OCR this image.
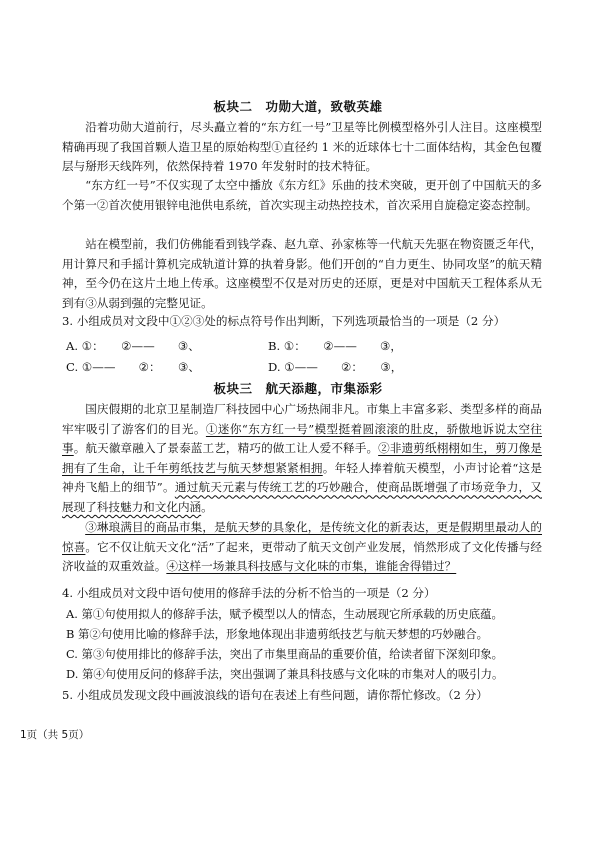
板块二　功勋大道，致敬英雄
沿着功勋大道前行，尽头矗立着的“东方红一号”卫星等比例模型格外引人注目。这座模型精确再现了我国首颗人造卫星的原始构型①直径约 1 米的近球体七十二面体结构，其金色包覆层与掰形天线阵列，依然保持着 1970 年发射时的技术特征。
“东方红一号”不仅实现了太空中播放《东方红》乐曲的技术突破，更开创了中国航天的多个第一②首次使用银锌电池供电系统，首次实现主动热控技术，首次采用自旋稳定姿态控制。
站在模型前，我们仿佛能看到钱学森、赵九章、孙家栋等一代航天先驱在物资匮乏年代，用计算尺和手摇计算机完成轨道计算的执着身影。他们开创的“自力更生、协同攻坚”的航天精神，至今仍在这片土地上传承。这座模型不仅是对历史的还原，更是对中国航天工程体系从无到有③从弱到强的完整见证。
3. 小组成员对文段中①②③处的标点符号作出判断，下列选项最恰当的一项是（2 分）
A. ①：　　②——　　③、	B. ①：　　②——　　③，
C. ①——　　②：　　③、	D. ①——　　②：　　③，
板块三　航天添趣，市集添彩
国庆假期的北京卫星制造厂科技园中心广场热闹非凡。市集上丰富多彩、类型多样的商品牢牢吸引了游客们的目光。①迷你“东方红一号”模型挺着圆滚滚的肚皮，骄傲地诉说太空往事。航天徽章融入了景泰蓝工艺，精巧的做工让人爱不释手。②非遗剪纸栩栩如生，剪刀像是拥有了生命，让千年剪纸技艺与航天梦想紧紧相拥。年轻人捧着航天模型，小声讨论着“这是神舟飞船上的细节”。通过航天元素与传统工艺的巧妙融合，使商品既增强了市场竞争力，又展现了科技魅力和文化内涵。
③琳琅满目的商品市集，是航天梦的具象化，是传统文化的新表达，更是假期里最动人的惊喜。它不仅让航天文化“活”了起来，更带动了航天文创产业发展，悄然形成了文化传播与经济收益的双重效益。④这样一场兼具科技感与文化味的市集，谁能舍得错过？
4. 小组成员对文段中语句使用的修辞手法的分析不恰当的一项是（2 分）
A. 第①句使用拟人的修辞手法，赋予模型以人的情态，生动展现它所承载的历史底蕴。
B 第②句使用比喻的修辞手法，形象地体现出非遗剪纸技艺与航天梦想的巧妙融合。
C. 第③句使用排比的修辞手法，突出了市集里商品的重要价值，给读者留下深刻印象。
D. 第④句使用反问的修辞手法，突出强调了兼具科技感与文化味的市集对人的吸引力。
5. 小组成员发现文段中画波浪线的语句在表述上有些问题，请你帮忙修改。（2 分）
1页（共 5页）
